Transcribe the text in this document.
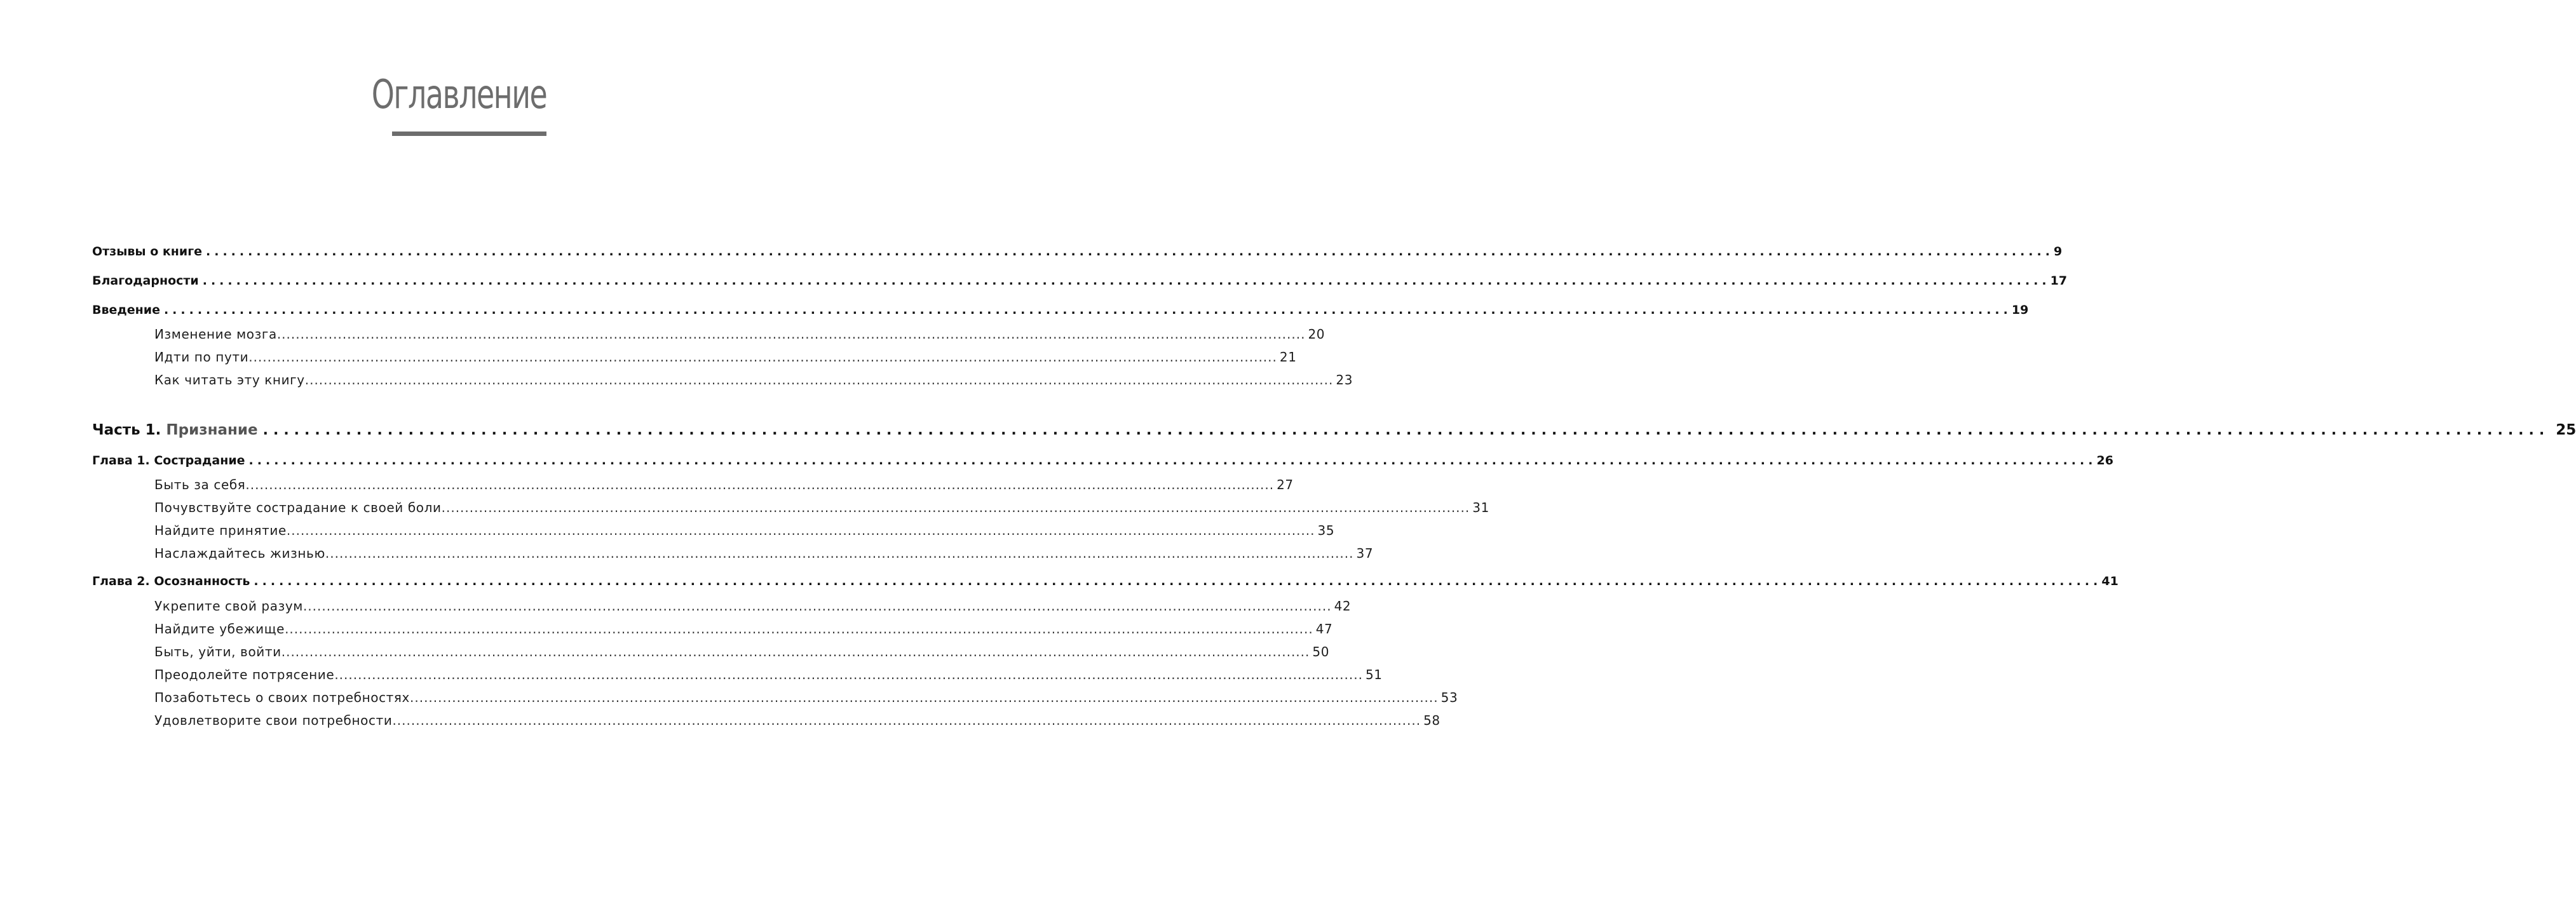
Оглавление
Отзывы о книге ............................................................................................................................................................................................................................ 9
Благодарности ............................................................................................................................................................................................................................ 17
Введение ............................................................................................................................................................................................................................ 19
Изменение мозга ............................................................................................................................................................................................................................ 20
Идти по пути ............................................................................................................................................................................................................................ 21
Как читать эту книгу ............................................................................................................................................................................................................................ 23
Часть 1. Признание ............................................................................................................................................................................................................................ 25
Глава 1. Сострадание ............................................................................................................................................................................................................................ 26
Быть за себя ............................................................................................................................................................................................................................ 27
Почувствуйте сострадание к своей боли ............................................................................................................................................................................................................................ 31
Найдите принятие ............................................................................................................................................................................................................................ 35
Наслаждайтесь жизнью ............................................................................................................................................................................................................................ 37
Глава 2. Осознанность ............................................................................................................................................................................................................................ 41
Укрепите свой разум ............................................................................................................................................................................................................................ 42
Найдите убежище ............................................................................................................................................................................................................................ 47
Быть, уйти, войти ............................................................................................................................................................................................................................ 50
Преодолейте потрясение ............................................................................................................................................................................................................................ 51
Позаботьтесь о своих потребностях ............................................................................................................................................................................................................................ 53
Удовлетворите свои потребности ............................................................................................................................................................................................................................ 58
